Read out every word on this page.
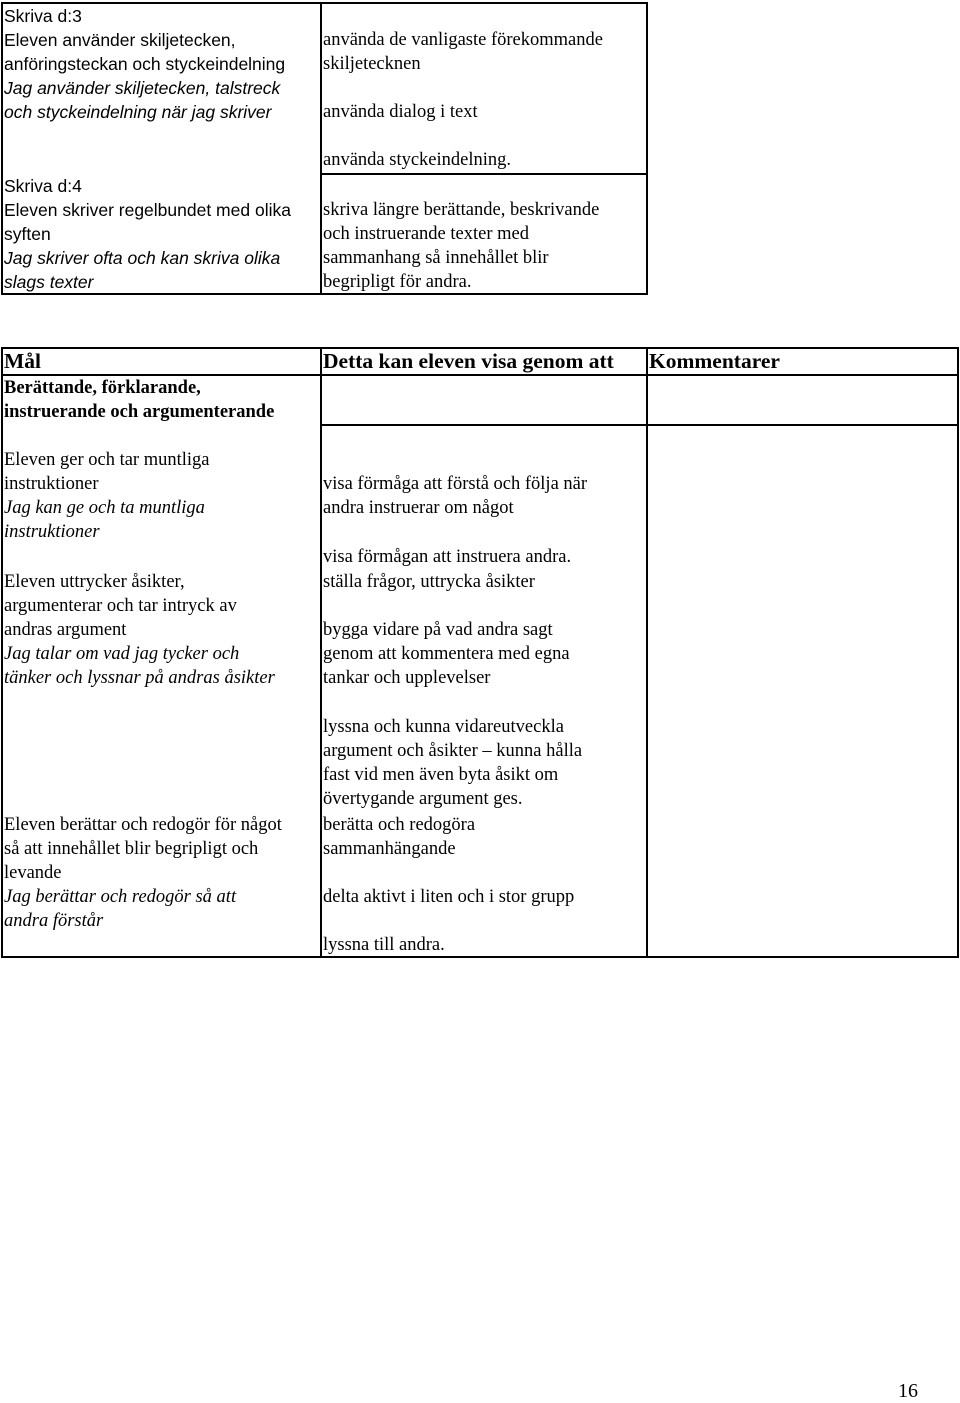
Skriva d:3
Eleven använder skiljetecken,
anföringsteckan och styckeindelning
Jag använder skiljetecken, talstreck
och styckeindelning när jag skriver
använda de vanligaste förekommande
skiljetecknen
använda dialog i text
använda styckeindelning.
Skriva d:4
Eleven skriver regelbundet med olika
syften
Jag skriver ofta och kan skriva olika
slags texter
skriva längre berättande, beskrivande
och instruerande texter med
sammanhang så innehållet blir
begripligt för andra.
Mål	Detta kan eleven visa genom att Kommentarer
Berättande, förklarande,
instruerande och argumenterande
Eleven ger och tar muntliga
instruktioner
Jag kan ge och ta muntliga
instruktioner
visa förmåga att förstå och följa när
andra instruerar om något
visa förmågan att instruera andra.
Eleven uttrycker åsikter,
argumenterar och tar intryck av
andras argument
Jag talar om vad jag tycker och
tänker och lyssnar på andras åsikter
ställa frågor, uttrycka åsikter
bygga vidare på vad andra sagt
genom att kommentera med egna
tankar och upplevelser
lyssna och kunna vidareutveckla
argument och åsikter – kunna hålla
fast vid men även byta åsikt om
övertygande argument ges.
Eleven berättar och redogör för något
så att innehållet blir begripligt och
levande
Jag berättar och redogör så att
andra förstår
berätta och redogöra
sammanhängande
delta aktivt i liten och i stor grupp
lyssna till andra.
16
